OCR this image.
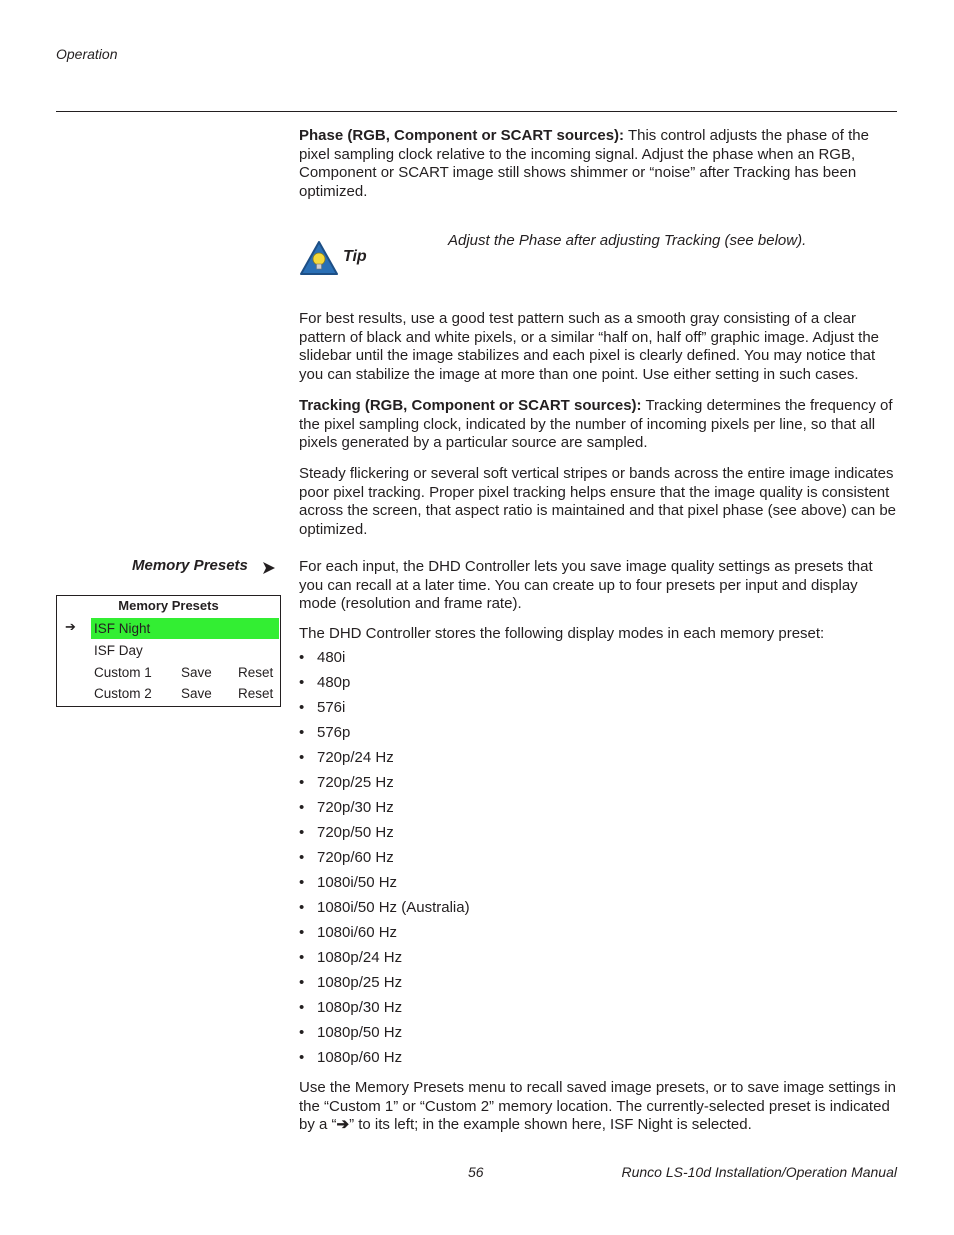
Operation
Phase (RGB, Component or SCART sources): This control adjusts the phase of the pixel sampling clock relative to the incoming signal. Adjust the phase when an RGB, Component or SCART image still shows shimmer or “noise” after Tracking has been optimized.
Tip
Adjust the Phase after adjusting Tracking (see below).
For best results, use a good test pattern such as a smooth gray consisting of a clear pattern of black and white pixels, or a similar “half on, half off” graphic image. Adjust the slidebar until the image stabilizes and each pixel is clearly defined. You may notice that you can stabilize the image at more than one point. Use either setting in such cases.
Tracking (RGB, Component or SCART sources): Tracking determines the frequency of the pixel sampling clock, indicated by the number of incoming pixels per line, so that all pixels generated by a particular source are sampled.
Steady flickering or several soft vertical stripes or bands across the entire image indicates poor pixel tracking. Proper pixel tracking helps ensure that the image quality is consistent across the screen, that aspect ratio is maintained and that pixel phase (see above) can be optimized.
Memory Presets	For each input, the DHD Controller lets you save image quality settings as presets that you can recall at a later time. You can create up to four presets per input and display mode (resolution and frame rate).
The DHD Controller stores the following display modes in each memory preset:
Memory Presets
➔ ISF Night
ISF Day
Custom 1 Save Reset
Custom 2 Save Reset
• 480i
• 480p
• 576i
• 576p
• 720p/24 Hz
• 720p/25 Hz
• 720p/30 Hz
• 720p/50 Hz
• 720p/60 Hz
• 1080i/50 Hz
• 1080i/50 Hz (Australia)
• 1080i/60 Hz
• 1080p/24 Hz
• 1080p/25 Hz
• 1080p/30 Hz
• 1080p/50 Hz
• 1080p/60 Hz
Use the Memory Presets menu to recall saved image presets, or to save image settings in the “Custom 1” or “Custom 2” memory location. The currently-selected preset is indicated by a “➔” to its left; in the example shown here, ISF Night is selected.
56	Runco LS-10d Installation/Operation Manual
